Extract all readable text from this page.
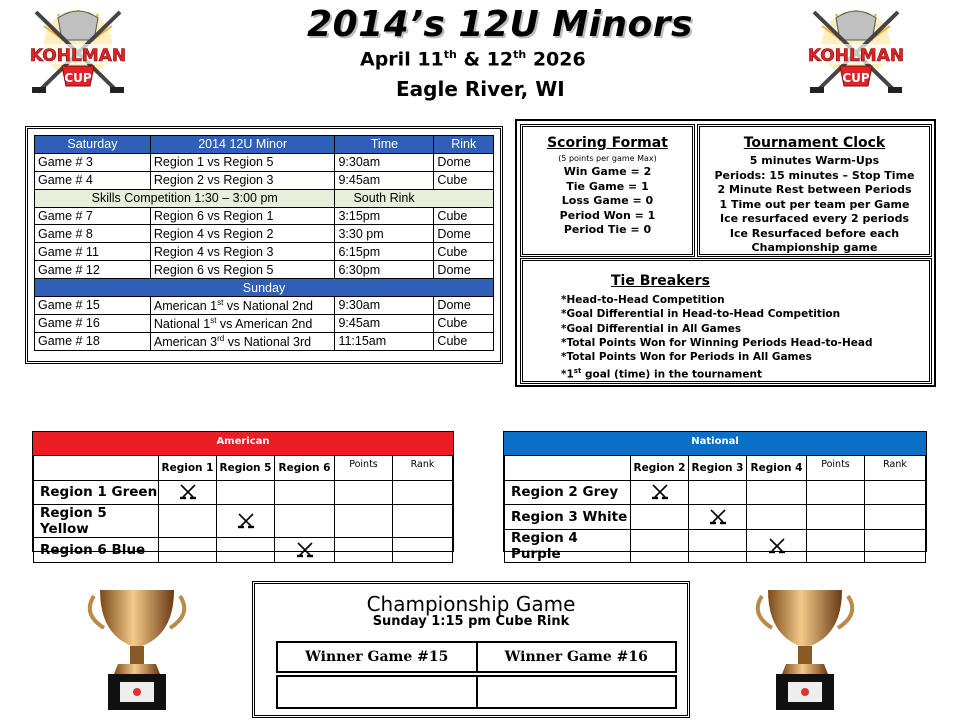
KOHLMAN
CUP
KOHLMAN
CUP
2014’s 12U Minors
April 11th & 12th 2026
Eagle River, WI
Saturday	2014 12U Minor	Time	Rink
Game # 3	Region 1 vs Region 5	9:30am	Dome
Game # 4	Region 2 vs Region 3	9:45am	Cube
Skills Competition 1:30 – 3:00 pm		South Rink	
Game # 7	Region 6 vs Region 1	3:15pm	Cube
Game # 8	Region 4 vs Region 2	3:30 pm	Dome
Game # 11	Region 4 vs Region 3	6:15pm	Cube
Game # 12	Region 6 vs Region 5	6:30pm	Dome
Sunday			
Game # 15	American 1st vs National 2nd	9:30am	Dome
Game # 16	National 1st vs American 2nd	9:45am	Cube
Game # 18	American 3rd vs National 3rd	11:15am	Cube
Scoring Format
(5 points per game Max)
Win Game = 2
Tie Game = 1
Loss Game = 0
Period Won = 1
Period Tie = 0
Tournament Clock
5 minutes Warm-Ups
Periods: 15 minutes – Stop Time
2 Minute Rest between Periods
1 Time out per team per Game
Ice resurfaced every 2 periods
Ice Resurfaced before each
Championship game
Tie Breakers
*Head-to-Head Competition
*Goal Differential in Head-to-Head Competition
*Goal Differential in All Games
*Total Points Won for Winning Periods Head-to-Head
*Total Points Won for Periods in All Games
*1st goal (time) in the tournament
American
	Region 1	Region 5	Region 6	Points	Rank
Region 1 Green					
Region 5 Yellow					
Region 6 Blue					
National
	Region 2	Region 3	Region 4	Points	Rank
Region 2 Grey					
Region 3 White					
Region 4 Purple					
Championship Game
Sunday 1:15 pm Cube Rink
Winner Game #15	Winner Game #16
